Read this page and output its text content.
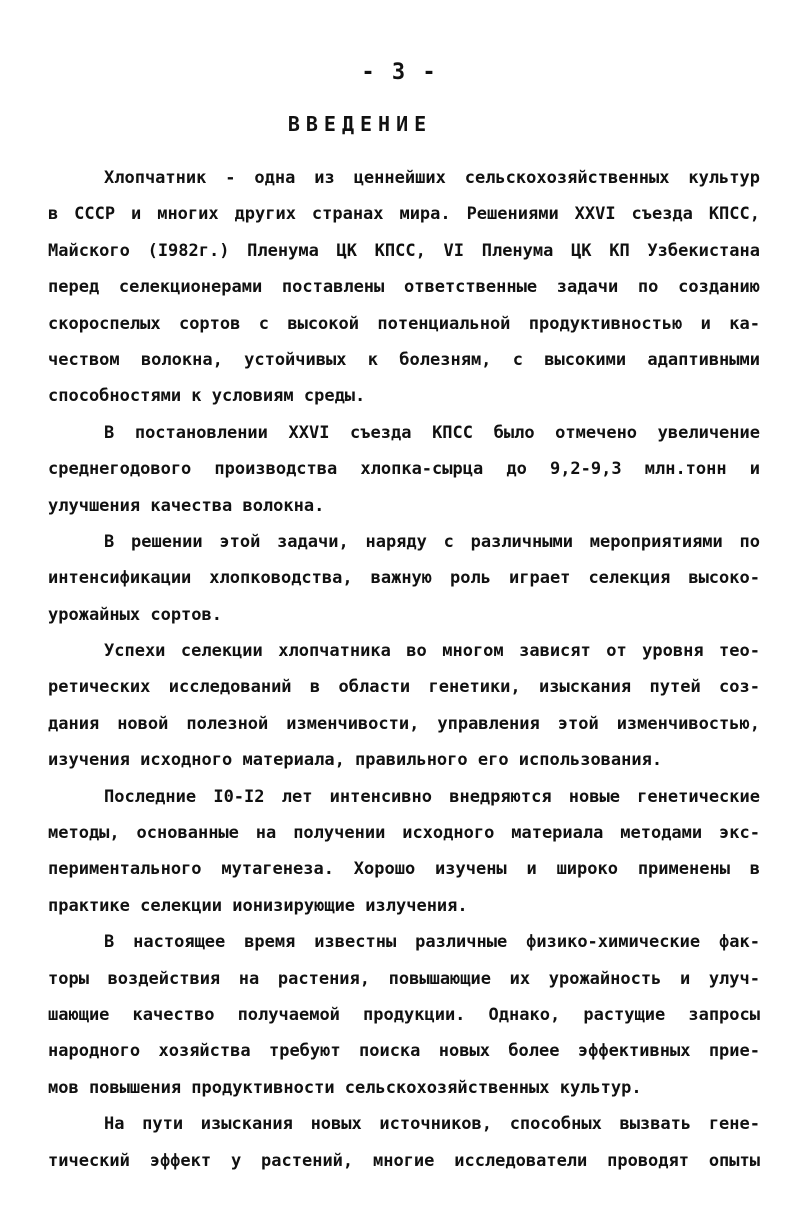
- 3 -
ВВЕДЕНИЕ
Хлопчатник - одна из ценнейших сельскохозяйственных культур
в СССР и многих других странах мира. Решениями ХХVI съезда КПСС,
Майского (I982г.) Пленума ЦК КПСС, VI Пленума ЦК КП Узбекистана
перед селекционерами поставлены ответственные задачи по созданию
скороспелых сортов с высокой потенциальной продуктивностью и ка-
чеством волокна, устойчивых к болезням, с высокими адаптивными
способностями к условиям среды.
В постановлении ХХVI съезда КПСС было отмечено увеличение
среднегодового производства хлопка-сырца до 9,2-9,3 млн.тонн и
улучшения качества волокна.
В решении этой задачи, наряду с различными мероприятиями по
интенсификации хлопководства, важную роль играет селекция высоко-
урожайных сортов.
Успехи селекции хлопчатника во многом зависят от уровня тео-
ретических исследований в области генетики, изыскания путей соз-
дания новой полезной изменчивости, управления этой изменчивостью,
изучения исходного материала, правильного его использования.
Последние I0-I2 лет интенсивно внедряются новые генетические
методы, основанные на получении исходного материала методами экс-
периментального мутагенеза. Хорошо изучены и широко применены в
практике селекции ионизирующие излучения.
В настоящее время известны различные физико-химические фак-
торы воздействия на растения, повышающие их урожайность и улуч-
шающие качество получаемой продукции. Однако, растущие запросы
народного хозяйства требуют поиска новых более эффективных прие-
мов повышения продуктивности сельскохозяйственных культур.
На пути изыскания новых источников, способных вызвать гене-
тический эффект у растений, многие исследователи проводят опыты
